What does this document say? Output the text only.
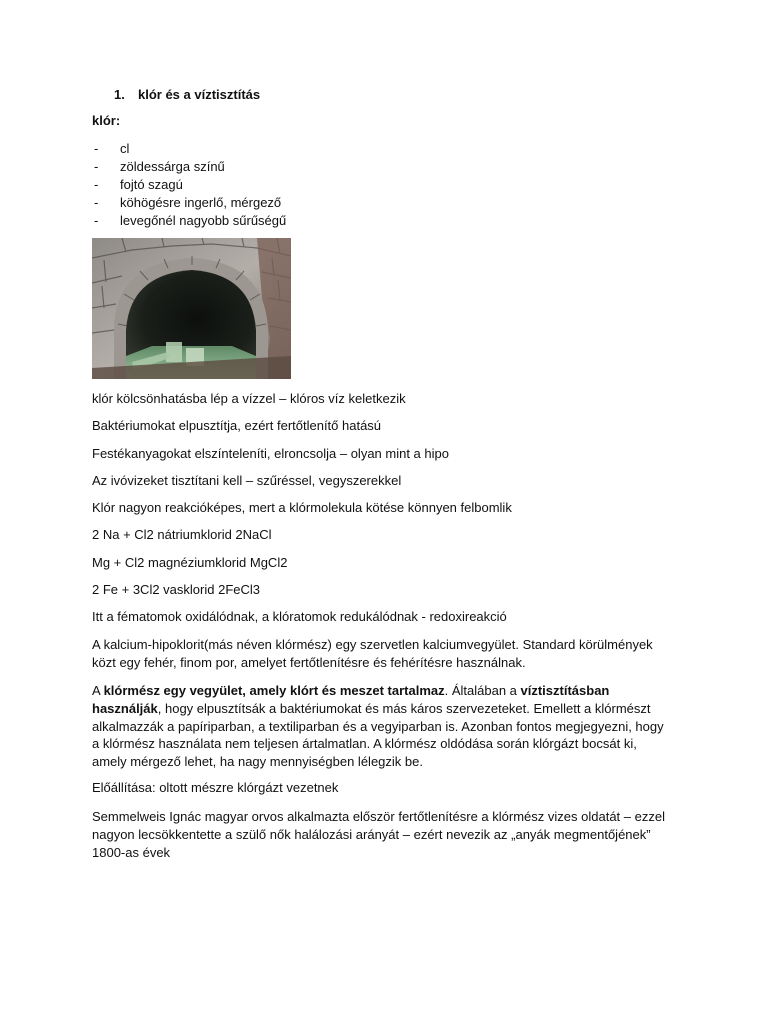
1. klór és a víztisztítás
klór:
- cl
- zöldessárga színű
- fojtó szagú
- köhögésre ingerlő, mérgező
- levegőnél nagyobb sűrűségű
klór kölcsönhatásba lép a vízzel – klóros víz keletkezik
Baktériumokat elpusztítja, ezért fertőtlenítő hatású
Festékanyagokat elszínteleníti, elroncsolja – olyan mint a hipo
Az ivóvizeket tisztítani kell – szűréssel, vegyszerekkel
Klór nagyon reakcióképes, mert a klórmolekula kötése könnyen felbomlik
2 Na + Cl2 nátriumklorid 2NaCl
Mg + Cl2 magnéziumklorid MgCl2
2 Fe + 3Cl2 vasklorid 2FeCl3
Itt a fématomok oxidálódnak, a klóratomok redukálódnak - redoxireakció
A kalcium-hipoklorit(más néven klórmész) egy szervetlen kalciumvegyület. Standard körülmények közt egy fehér, finom por, amelyet fertőtlenítésre és fehérítésre használnak.
A klórmész egy vegyület, amely klórt és meszet tartalmaz. Általában a víztisztításban használják, hogy elpusztítsák a baktériumokat és más káros szervezeteket. Emellett a klórmészt alkalmazzák a papíriparban, a textiliparban és a vegyiparban is. Azonban fontos megjegyezni, hogy a klórmész használata nem teljesen ártalmatlan. A klórmész oldódása során klórgázt bocsát ki, amely mérgező lehet, ha nagy mennyiségben lélegzik be.
Előállítása: oltott mészre klórgázt vezetnek
Semmelweis Ignác magyar orvos alkalmazta először fertőtlenítésre a klórmész vizes oldatát – ezzel nagyon lecsökkentette a szülő nők halálozási arányát – ezért nevezik az „anyák megmentőjének” 1800-as évek
